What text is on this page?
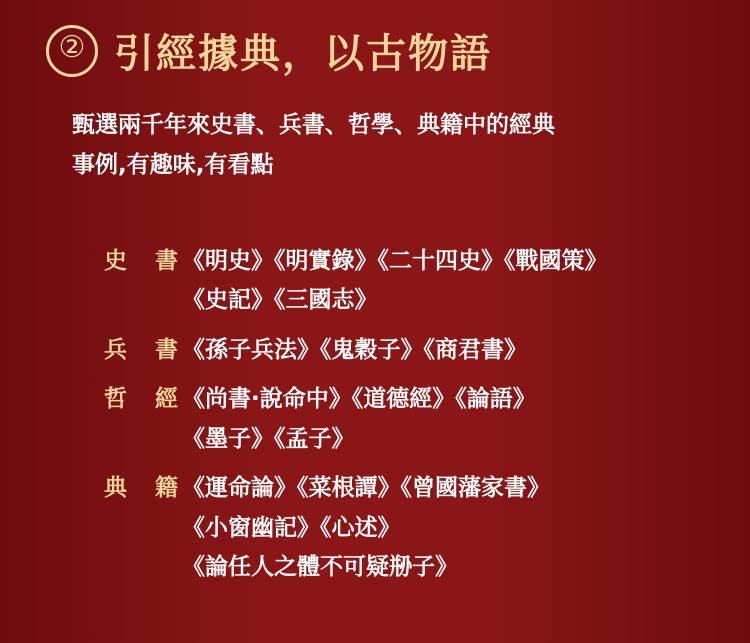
② 引經據典，以古物語
甄選兩千年來史書、兵書、哲學、典籍中的經典
事例,有趣味,有看點
史 書
《明史》《明實錄》《二十四史》《戰國策》
《史記》《三國志》
兵 書
《孫子兵法》《鬼穀子》《商君書》
哲 經
《尚書·說命中》《道德經》《論語》
《墨子》《孟子》
典 籍
《運命論》《菜根譚》《曾國藩家書》
《小窗幽記》《心述》
《論任人之體不可疑剙子》
